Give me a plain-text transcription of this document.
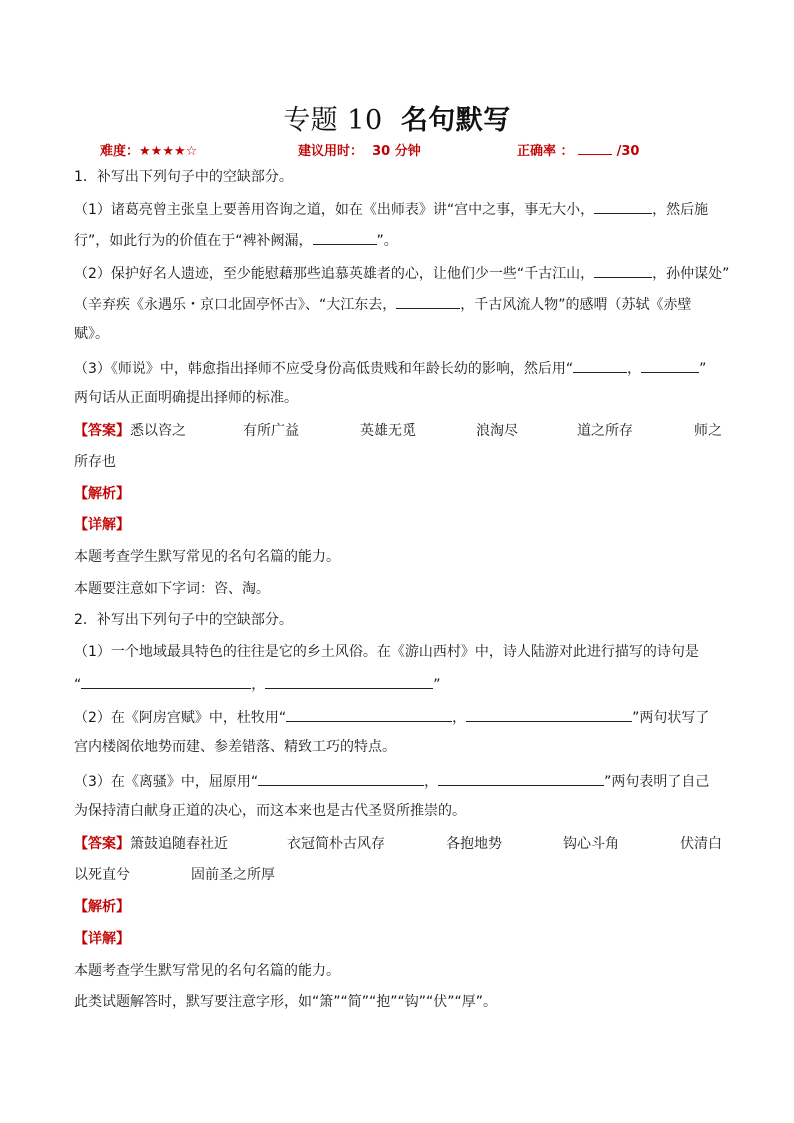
专题 10 名句默写
难度：★★★★☆	建议用时： 30 分钟	正确率 ：	/30
1．补写出下列句子中的空缺部分。
（1）诸葛亮曾主张皇上要善用咨询之道，如在《出师表》讲“宫中之事，事无大小，	，然后施
行”，如此行为的价值在于“裨补阙漏，	”。
（2）保护好名人遗迹，至少能慰藉那些追慕英雄者的心，让他们少一些“千古江山，	，孙仲谋处”
（辛弃疾《永遇乐・京口北固亭怀古》、“大江东去，	，千古风流人物”的感喟（苏轼《赤壁
赋》。
（3）《师说》中，韩愈指出择师不应受身份高低贵贱和年龄长幼的影响，然后用“	，	”
两句话从正面明确提出择师的标准。
【答案】悉以咨之	有所广益	英雄无觅	浪淘尽	道之所存	师之
所存也
【解析】
【详解】
本题考查学生默写常见的名句名篇的能力。
本题要注意如下字词：咨、淘。
2．补写出下列句子中的空缺部分。
（1）一个地域最具特色的往往是它的乡土风俗。在《游山西村》中，诗人陆游对此进行描写的诗句是
“	，	”
（2）在《阿房宫赋》中，杜牧用“	，	”两句状写了
宫内楼阁依地势而建、参差错落、精致工巧的特点。
（3）在《离骚》中，屈原用“	，	”两句表明了自己
为保持清白献身正道的决心，而这本来也是古代圣贤所推崇的。
【答案】箫鼓追随春社近	衣冠简朴古风存	各抱地势	钩心斗角	伏清白
以死直兮	固前圣之所厚
【解析】
【详解】
本题考查学生默写常见的名句名篇的能力。
此类试题解答时，默写要注意字形，如“箫”“简”“抱”“钩”“伏”“厚”。
